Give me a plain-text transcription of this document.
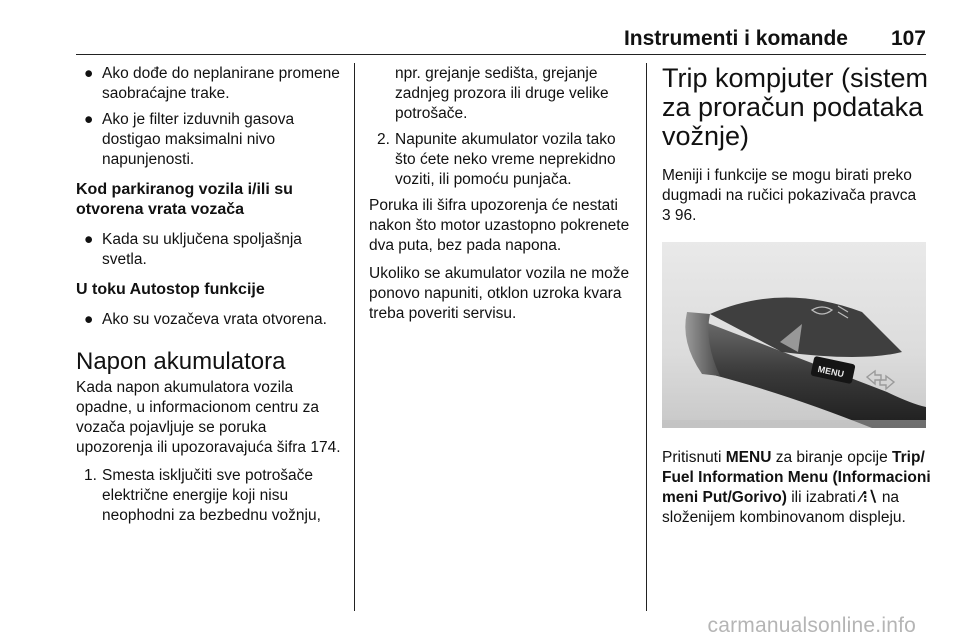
Instrumenti i komande 107
● Ako dođe do neplanirane promene saobraćajne trake.
● Ako je filter izduvnih gasova dostigao maksimalni nivo napunjenosti.
Kod parkiranog vozila i/ili su otvorena vrata vozača
● Kada su uključena spoljašnja svetla.
U toku Autostop funkcije
● Ako su vozačeva vrata otvorena.
Napon akumulatora

Kada napon akumulatora vozila opadne, u informacionom centru za vozača pojavljuje se poruka upozorenja ili upozoravajuća šifra 174.

1. Smesta isključiti sve potrošače električne energije koji nisu neophodni za bezbednu vožnju,
npr. grejanje sedišta, grejanje zadnjeg prozora ili druge velike potrošače.
2. Napunite akumulator vozila tako što ćete neko vreme neprekidno voziti, ili pomoću punjača.

Poruka ili šifra upozorenja će nestati nakon što motor uzastopno pokrenete dva puta, bez pada napona.

Ukoliko se akumulator vozila ne može ponovo napuniti, otklon uzroka kvara treba poveriti servisu.

Trip kompjuter (sistem za proračun podataka vožnje)

Meniji i funkcije se mogu birati preko dugmadi na ručici pokazivača pravca
3 96.

MENU

Pritisnuti MENU za biranje opcije Trip/ Fuel Information Menu (Informacioni meni Put/Gorivo) ili izabrati ⁄⁝∖ na složenijem kombinovanom displeju.

carmanualsonline.info
